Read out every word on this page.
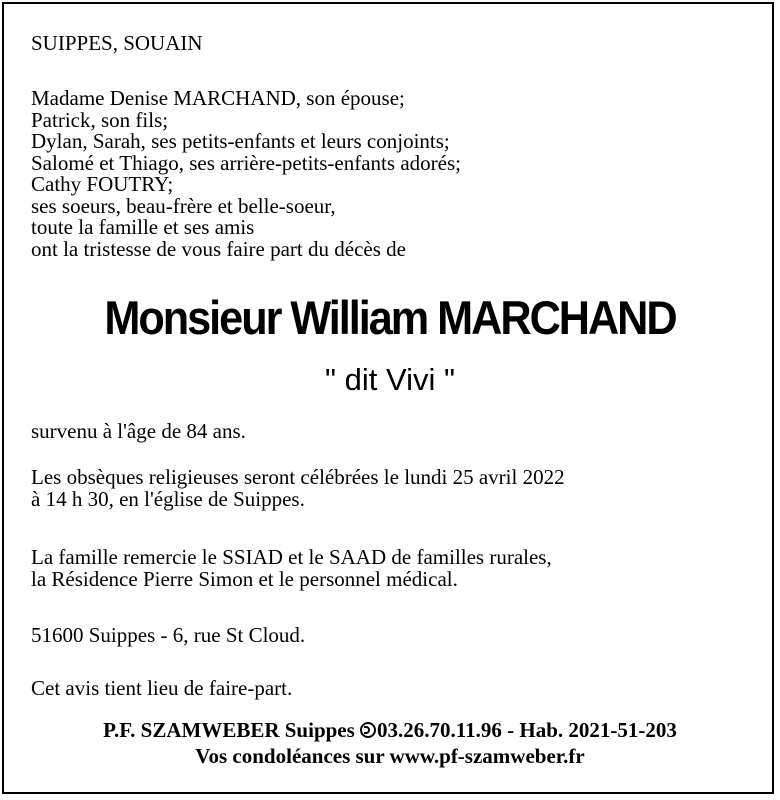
SUIPPES, SOUAIN

Madame Denise MARCHAND, son épouse;
Patrick, son fils;
Dylan, Sarah, ses petits-enfants et leurs conjoints;
Salomé et Thiago, ses arrière-petits-enfants adorés;
Cathy FOUTRY;
ses soeurs, beau-frère et belle-soeur,
toute la famille et ses amis
ont la tristesse de vous faire part du décès de

Monsieur William MARCHAND
" dit Vivi "

survenu à l'âge de 84 ans.

Les obsèques religieuses seront célébrées le lundi 25 avril 2022
à 14 h 30, en l'église de Suippes.

La famille remercie le SSIAD et le SAAD de familles rurales,
la Résidence Pierre Simon et le personnel médical.

51600 Suippes - 6, rue St Cloud.

Cet avis tient lieu de faire-part.

P.F. SZAMWEBER Suippes 03.26.70.11.96 - Hab. 2021-51-203
Vos condoléances sur www.pf-szamweber.fr
